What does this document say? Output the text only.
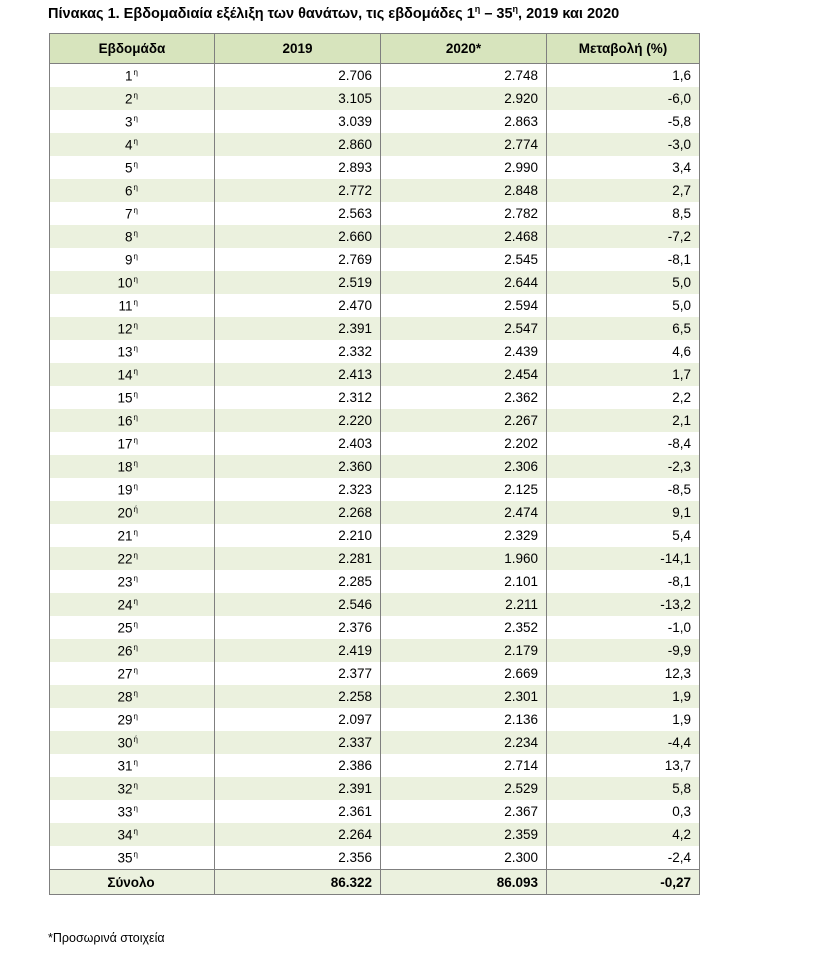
Πίνακας 1. Εβδομαδιαία εξέλιξη των θανάτων, τις εβδομάδες $1^\eta - 35^\eta$, 2019 και 2020
Εβδομάδα	2019	2020*	Μεταβολή (%)
$1^\eta$	2.706	2.748	1,6
$2^\eta$	3.105	2.920	-6,0
$3^\eta$	3.039	2.863	-5,8
$4^\eta$	2.860	2.774	-3,0
$5^\eta$	2.893	2.990	3,4
$6^\eta$	2.772	2.848	2,7
$7^\eta$	2.563	2.782	8,5
$8^\eta$	2.660	2.468	-7,2
$9^\eta$	2.769	2.545	-8,1
$10^\eta$	2.519	2.644	5,0
$11^\eta$	2.470	2.594	5,0
$12^\eta$	2.391	2.547	6,5
$13^\eta$	2.332	2.439	4,6
$14^\eta$	2.413	2.454	1,7
$15^\eta$	2.312	2.362	2,2
$16^\eta$	2.220	2.267	2,1
$17^\eta$	2.403	2.202	-8,4
$18^\eta$	2.360	2.306	-2,3
$19^\eta$	2.323	2.125	-8,5
$20^ή$	2.268	2.474	9,1
$21^\eta$	2.210	2.329	5,4
$22^\eta$	2.281	1.960	-14,1
$23^\eta$	2.285	2.101	-8,1
$24^\eta$	2.546	2.211	-13,2
$25^\eta$	2.376	2.352	-1,0
$26^\eta$	2.419	2.179	-9,9
$27^\eta$	2.377	2.669	12,3
$28^\eta$	2.258	2.301	1,9
$29^\eta$	2.097	2.136	1,9
$30^ή$	2.337	2.234	-4,4
$31^\eta$	2.386	2.714	13,7
$32^\eta$	2.391	2.529	5,8
$33^\eta$	2.361	2.367	0,3
$34^\eta$	2.264	2.359	4,2
$35^\eta$	2.356	2.300	-2,4
Σύνολο	86.322	86.093	-0,27
*Προσωρινά στοιχεία
